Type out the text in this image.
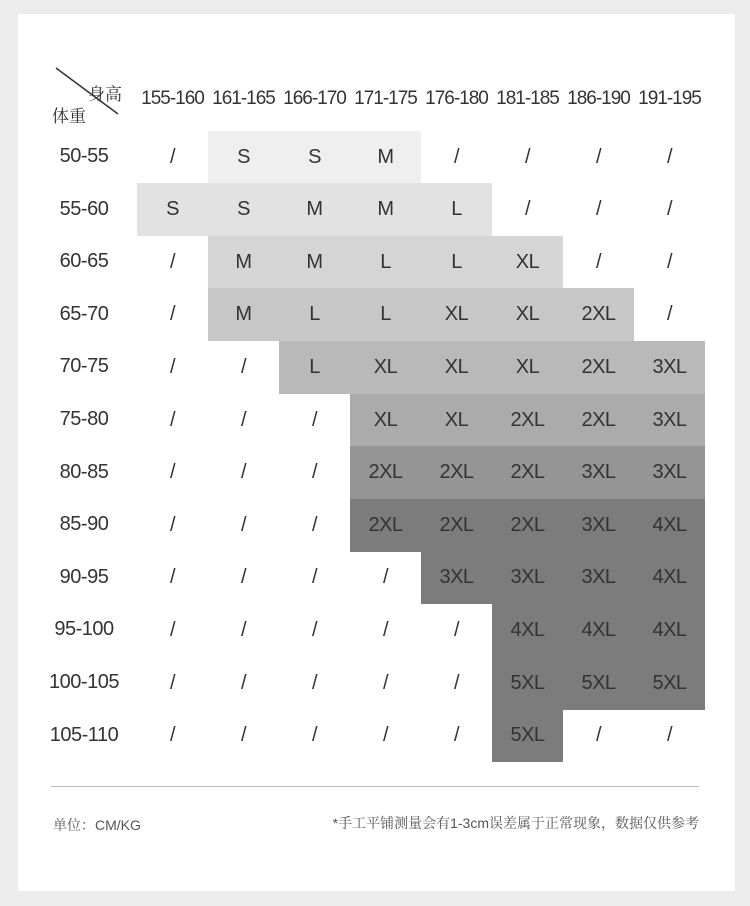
身高
体重
155-160 161-165 166-170 171-175 176-180 181-185 186-190 191-195
50-55	/	S	S	M	/	/	/	/
55-60	S	S	M	M	L	/	/	/
60-65	/	M	M	L	L	XL	/	/
65-70	/	M	L	L	XL	XL	2XL	/
70-75	/	/	L	XL	XL	XL	2XL	3XL
75-80	/	/	/	XL	XL	2XL	2XL	3XL
80-85	/	/	/	2XL	2XL	2XL	3XL	3XL
85-90	/	/	/	2XL	2XL	2XL	3XL	4XL
90-95	/	/	/	/	3XL	3XL	3XL	4XL
95-100	/	/	/	/	/	4XL	4XL	4XL
100-105	/	/	/	/	/	5XL	5XL	5XL
105-110	/	/	/	/	/	5XL	/	/
单位：CM/KG	*手工平铺测量会有1-3cm误差属于正常现象，数据仅供参考
